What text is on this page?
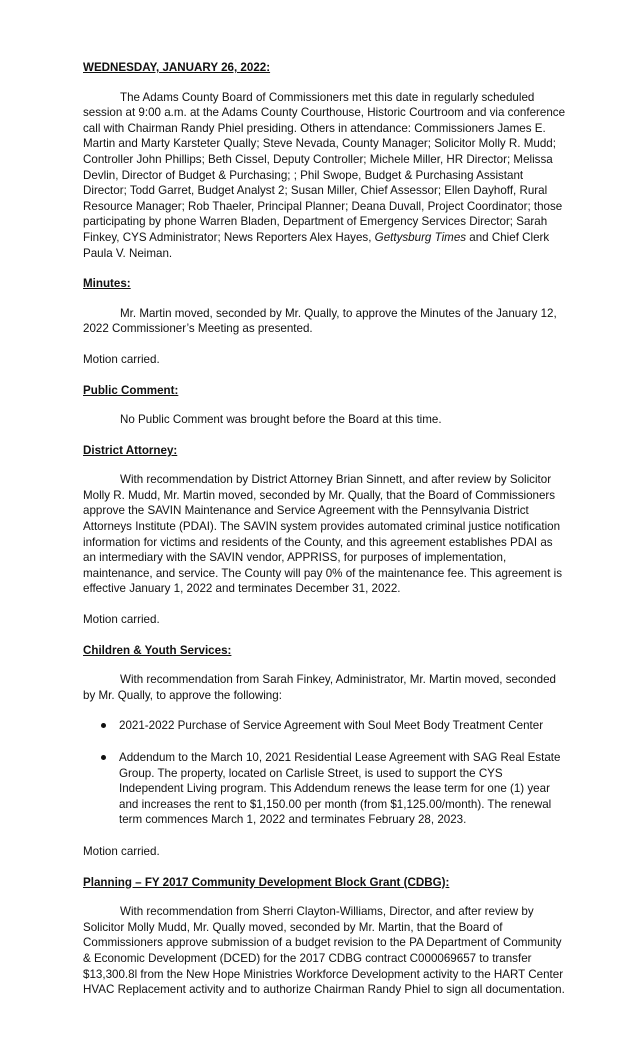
WEDNESDAY, JANUARY 26, 2022:

The Adams County Board of Commissioners met this date in regularly scheduled session at 9:00 a.m. at the Adams County Courthouse, Historic Courtroom and via conference call with Chairman Randy Phiel presiding. Others in attendance: Commissioners James E. Martin and Marty Karsteter Qually; Steve Nevada, County Manager; Solicitor Molly R. Mudd; Controller John Phillips; Beth Cissel, Deputy Controller; Michele Miller, HR Director; Melissa Devlin, Director of Budget & Purchasing; ; Phil Swope, Budget & Purchasing Assistant Director; Todd Garret, Budget Analyst 2; Susan Miller, Chief Assessor; Ellen Dayhoff, Rural Resource Manager; Rob Thaeler, Principal Planner; Deana Duvall, Project Coordinator; those participating by phone Warren Bladen, Department of Emergency Services Director; Sarah Finkey, CYS Administrator; News Reporters Alex Hayes, Gettysburg Times and Chief Clerk Paula V. Neiman.

Minutes:

Mr. Martin moved, seconded by Mr. Qually, to approve the Minutes of the January 12, 2022 Commissioner’s Meeting as presented.

Motion carried.

Public Comment:

No Public Comment was brought before the Board at this time.

District Attorney:

With recommendation by District Attorney Brian Sinnett, and after review by Solicitor Molly R. Mudd, Mr. Martin moved, seconded by Mr. Qually, that the Board of Commissioners approve the SAVIN Maintenance and Service Agreement with the Pennsylvania District Attorneys Institute (PDAI). The SAVIN system provides automated criminal justice notification information for victims and residents of the County, and this agreement establishes PDAI as an intermediary with the SAVIN vendor, APPRISS, for purposes of implementation, maintenance, and service. The County will pay 0% of the maintenance fee. This agreement is effective January 1, 2022 and terminates December 31, 2022.

Motion carried.

Children & Youth Services:

With recommendation from Sarah Finkey, Administrator, Mr. Martin moved, seconded by Mr. Qually, to approve the following:

2021-2022 Purchase of Service Agreement with Soul Meet Body Treatment Center
Addendum to the March 10, 2021 Residential Lease Agreement with SAG Real Estate Group. The property, located on Carlisle Street, is used to support the CYS Independent Living program. This Addendum renews the lease term for one (1) year and increases the rent to $1,150.00 per month (from $1,125.00/month). The renewal term commences March 1, 2022 and terminates February 28, 2023.

Motion carried.

Planning – FY 2017 Community Development Block Grant (CDBG):

With recommendation from Sherri Clayton-Williams, Director, and after review by Solicitor Molly Mudd, Mr. Qually moved, seconded by Mr. Martin, that the Board of Commissioners approve submission of a budget revision to the PA Department of Community & Economic Development (DCED) for the 2017 CDBG contract C000069657 to transfer $13,300.8l from the New Hope Ministries Workforce Development activity to the HART Center HVAC Replacement activity and to authorize Chairman Randy Phiel to sign all documentation.
